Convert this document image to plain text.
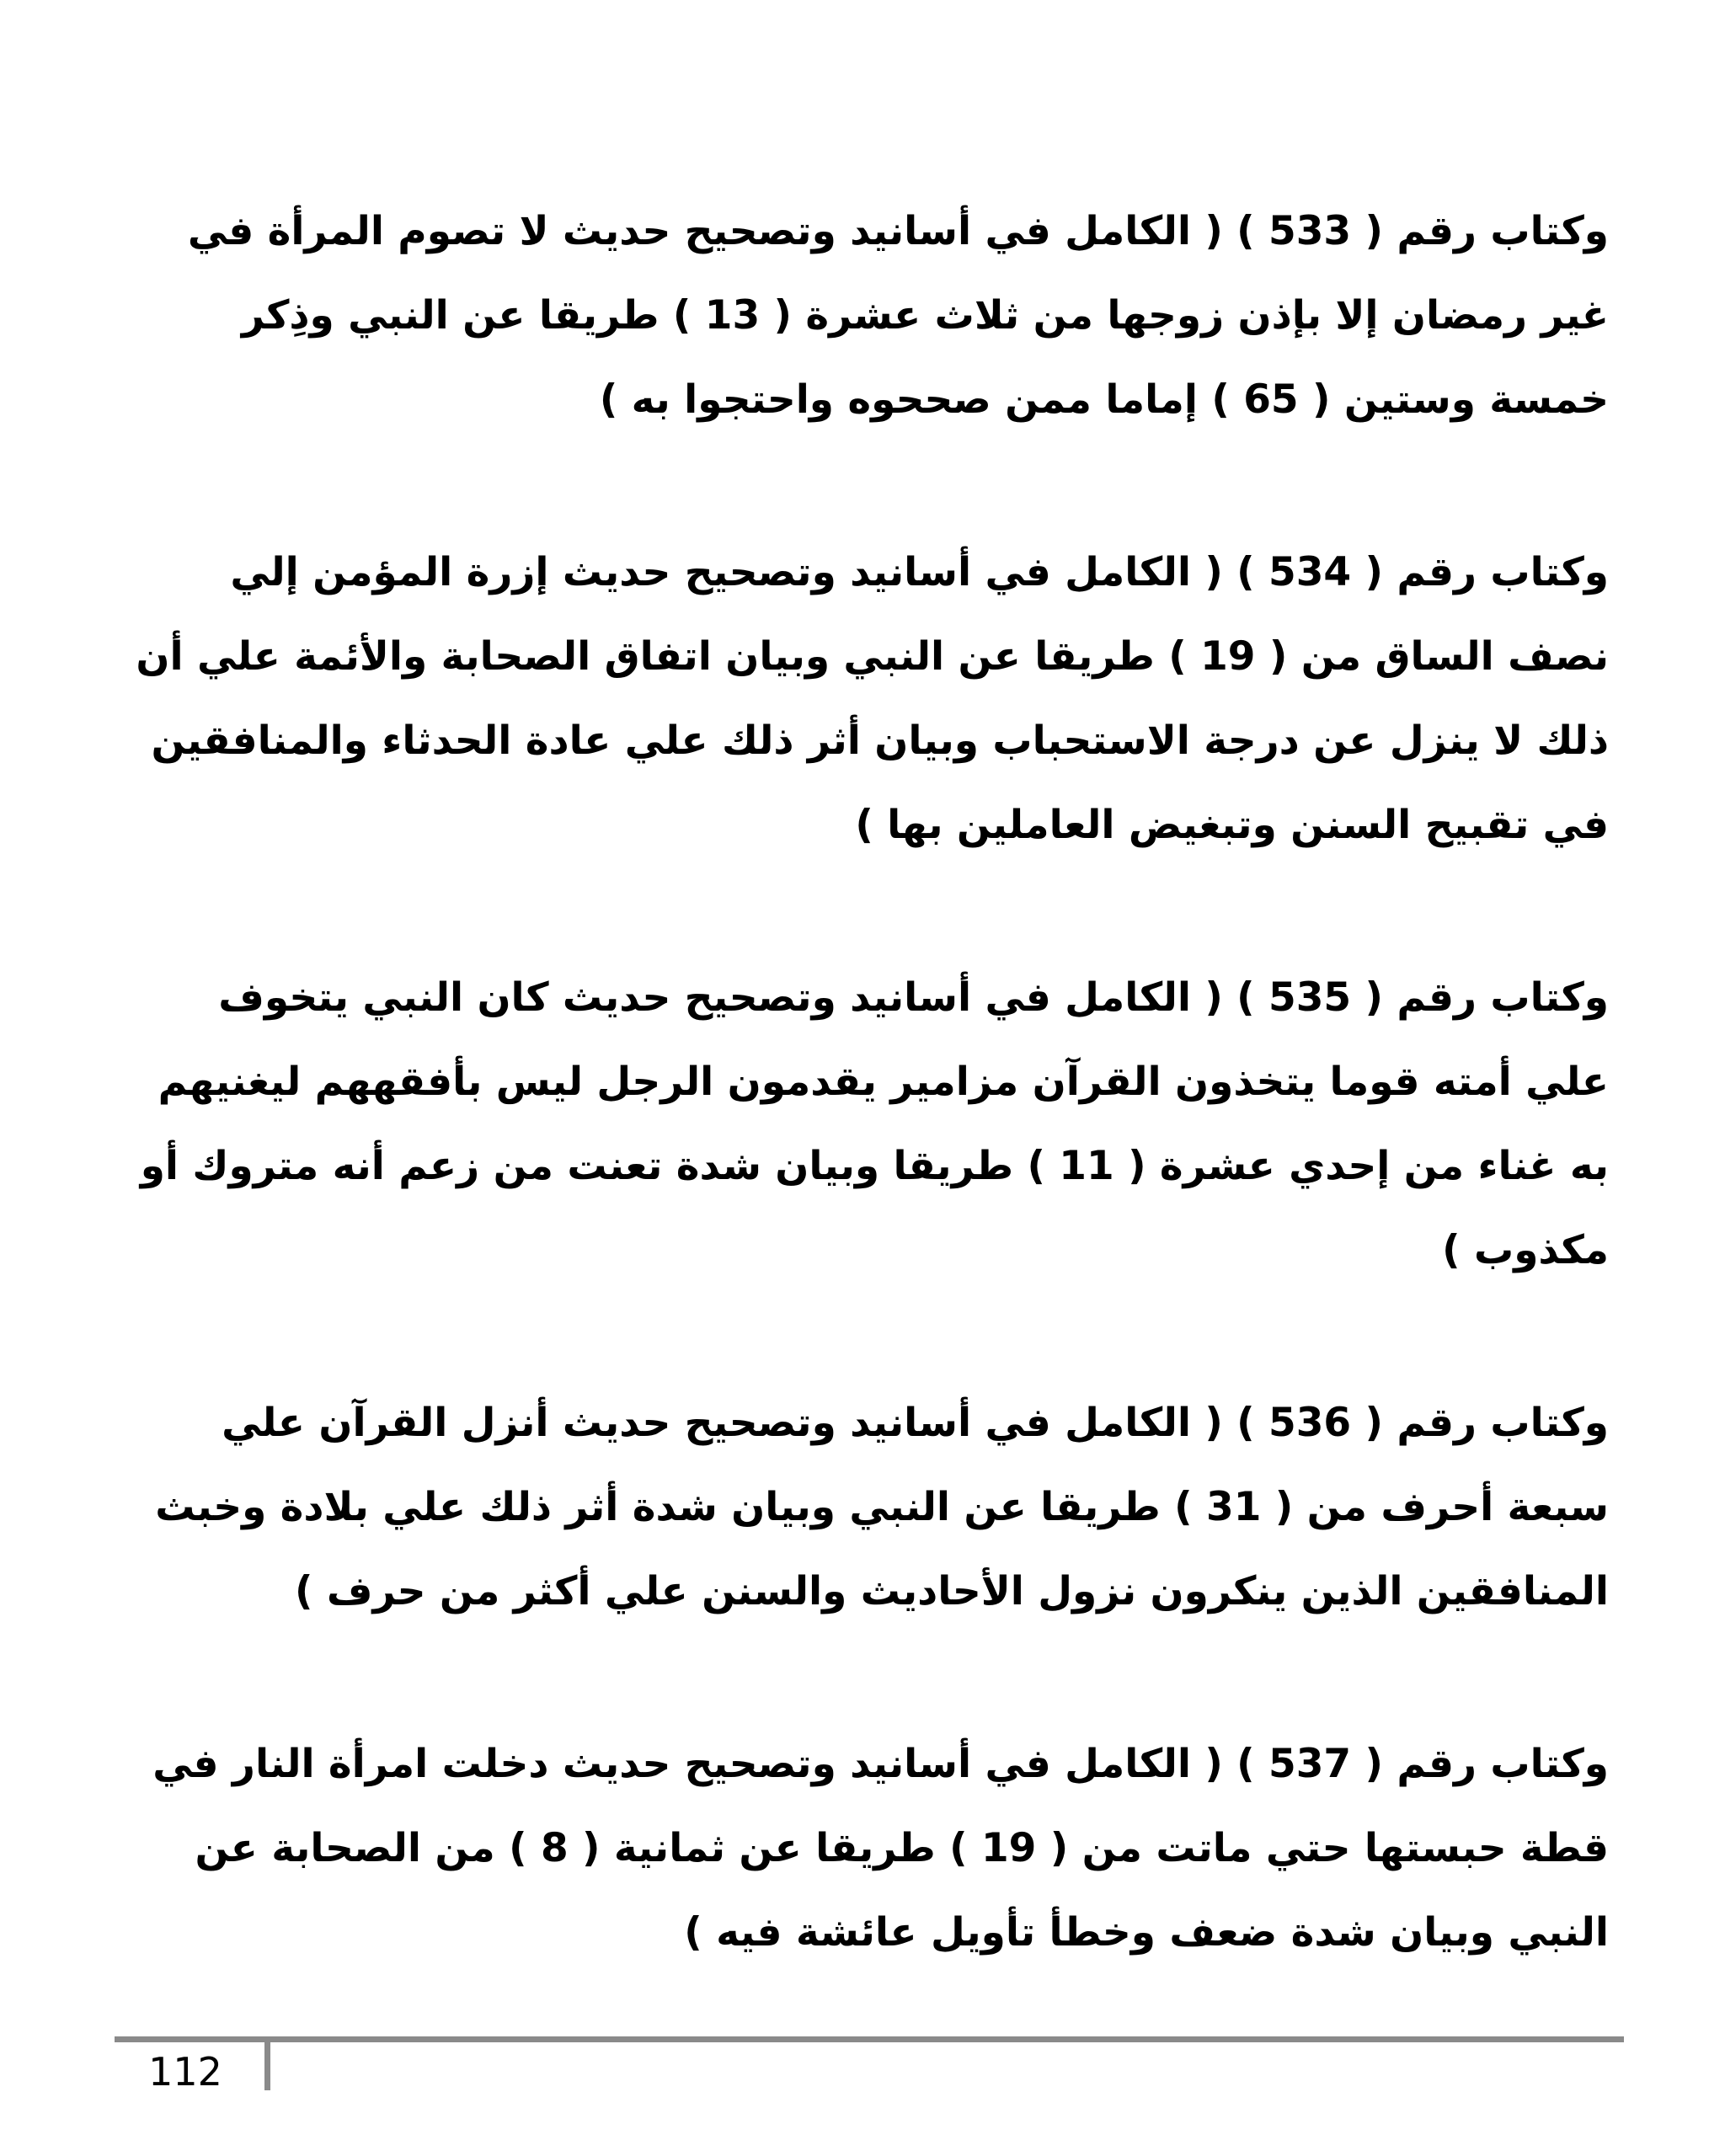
وكتاب رقم ( 533 ) ( الكامل في أسانيد وتصحيح حديث لا تصوم المرأة في غير رمضان إلا بإذن زوجها من ثلاث عشرة ( 13 ) طريقا عن النبي وذِكر خمسة وستين ( 65 ) إماما ممن صححوه واحتجوا به )

وكتاب رقم ( 534 ) ( الكامل في أسانيد وتصحيح حديث إزرة المؤمن إلي نصف الساق من ( 19 ) طريقا عن النبي وبيان اتفاق الصحابة والأئمة علي أن ذلك لا ينزل عن درجة الاستحباب وبيان أثر ذلك علي عادة الحدثاء والمنافقين في تقبيح السنن وتبغيض العاملين بها )

وكتاب رقم ( 535 ) ( الكامل في أسانيد وتصحيح حديث كان النبي يتخوف علي أمته قوما يتخذون القرآن مزامير يقدمون الرجل ليس بأفقههم ليغنيهم به غناء من إحدي عشرة ( 11 ) طريقا وبيان شدة تعنت من زعم أنه متروك أو مكذوب )

وكتاب رقم ( 536 ) ( الكامل في أسانيد وتصحيح حديث أنزل القرآن علي سبعة أحرف من ( 31 ) طريقا عن النبي وبيان شدة أثر ذلك علي بلادة وخبث المنافقين الذين ينكرون نزول الأحاديث والسنن علي أكثر من حرف )

وكتاب رقم ( 537 ) ( الكامل في أسانيد وتصحيح حديث دخلت امرأة النار في قطة حبستها حتي ماتت من ( 19 ) طريقا عن ثمانية ( 8 ) من الصحابة عن النبي وبيان شدة ضعف وخطأ تأويل عائشة فيه )

112
